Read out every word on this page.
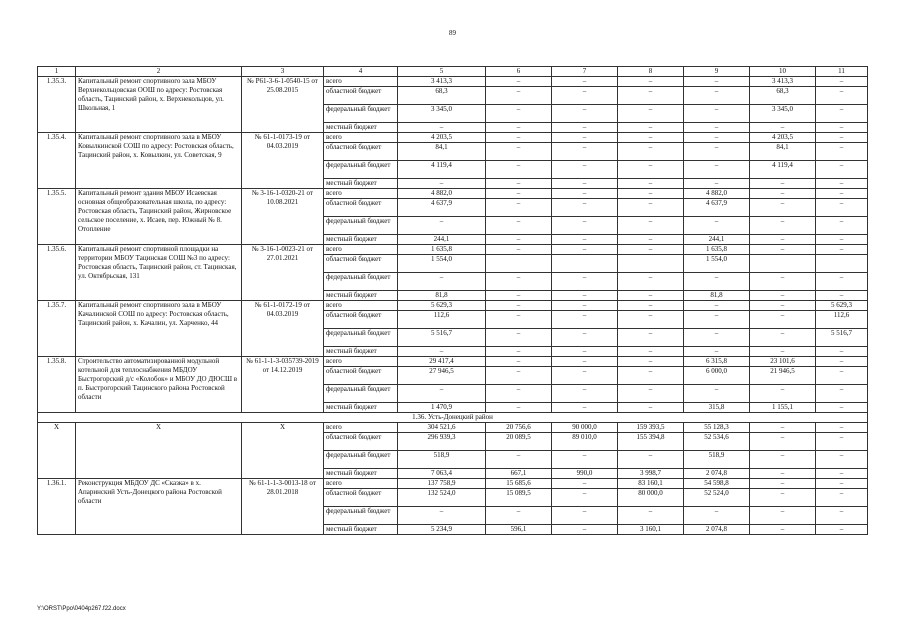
89
1	2	3	4	5	6	7	8	9	10	11
1.35.3.	Капитальный ремонт спортивного зала МБОУ Верхнекольцовская ООШ по адресу: Ростовская область, Тацинский район, х. Верхнекольцов, ул. Школьная, 1	№ Р61-3-6-1-0540-15 от 25.08.2015	всего	3 413,3	–	–	–	–	3 413,3	–
			областной бюджет	68,3	–	–	–	–	68,3	–
			федеральный бюджет	3 345,0	–	–	–	–	3 345,0	–
			местный бюджет	–	–	–	–	–	–	–
1.35.4.	Капитальный ремонт спортивного зала в МБОУ Ковылкинской СОШ по адресу: Ростовская область, Тацинский район, х. Ковылкин, ул. Советская, 9	№ 61-1-0173-19 от 04.03.2019	всего	4 203,5	–	–	–	–	4 203,5	–
			областной бюджет	84,1	–	–	–	–	84,1	–
			федеральный бюджет	4 119,4	–	–	–	–	4 119,4	–
			местный бюджет	–	–	–	–	–	–	–
1.35.5.	Капитальный ремонт здания МБОУ Исаевская основная общеобразовательная школа, по адресу: Ростовская область, Тацинский район, Жирновское сельское поселение, х. Исаев, пер. Южный № 8. Отопление	№ 3-16-1-0320-21 от 10.08.2021	всего	4 882,0	–	–	–	4 882,0	–	–
			областной бюджет	4 637,9	–	–	–	4 637,9	–	–
			федеральный бюджет	–	–	–	–	–	–	–
			местный бюджет	244,1	–	–	–	244,1	–	–
1.35.6.	Капитальный ремонт спортивной площадки на территории МБОУ Тацинская СОШ №3 по адресу: Ростовская область, Тацинский район, ст. Тацинская, ул. Октябрьская, 131	№ 3-16-1-0023-21 от 27.01.2021	всего	1 635,8	–	–	–	1 635,8	–	–
			областной бюджет	1 554,0				1 554,0		
			федеральный бюджет	–	–	–	–	–	–	–
			местный бюджет	81,8	–	–	–	81,8	–	–
1.35.7.	Капитальный ремонт спортивного зала в МБОУ Качалинской СОШ по адресу: Ростовская область, Тацинский район, х. Качалин, ул. Харченко, 44	№ 61-1-0172-19 от 04.03.2019	всего	5 629,3	–	–	–	–	–	5 629,3
			областной бюджет	112,6	–	–	–	–	–	112,6
			федеральный бюджет	5 516,7	–	–	–	–	–	5 516,7
			местный бюджет	–	–	–	–	–	–	–
1.35.8.	Строительство автоматизированной модульной котельной для теплоснабжения МБДОУ Быстрогорский д/с «Колобок» и МБОУ ДО ДЮСШ в п. Быстрогорский Тацинского района Ростовской области	№ 61-1-1-3-035739-2019 от 14.12.2019	всего	29 417,4	–	–	–	6 315,8	23 101,6	–
			областной бюджет	27 946,5	–	–	–	6 000,0	21 946,5	–
			федеральный бюджет	–	–	–	–	–	–	–
			местный бюджет	1 470,9	–	–	–	315,8	1 155,1	–
1.36. Усть-Донецкий район										
Х	Х	Х	всего	304 521,6	20 756,6	90 000,0	159 393,5	55 128,3	–	–
			областной бюджет	296 939,3	20 089,5	89 010,0	155 394,8	52 534,6	–	–
			федеральный бюджет	518,9	–	–	–	518,9	–	–
			местный бюджет	7 063,4	667,1	990,0	3 998,7	2 074,8	–	–
1.36.1.	Реконструкция МБДОУ ДС «Сказка» в х. Апаринский Усть-Донецкого района Ростовской области	№ 61-1-1-3-0013-18 от 28.01.2018	всего	137 758,9	15 685,6	–	83 160,1	54 598,8	–	–
			областной бюджет	132 524,0	15 089,5	–	80 000,0	52 524,0	–	–
			федеральный бюджет	–	–	–	–	–	–	–
			местный бюджет	5 234,9	596,1	–	3 160,1	2 074,8	–	–
Y:\ORST\Ppo\0404p267.f22.docx
